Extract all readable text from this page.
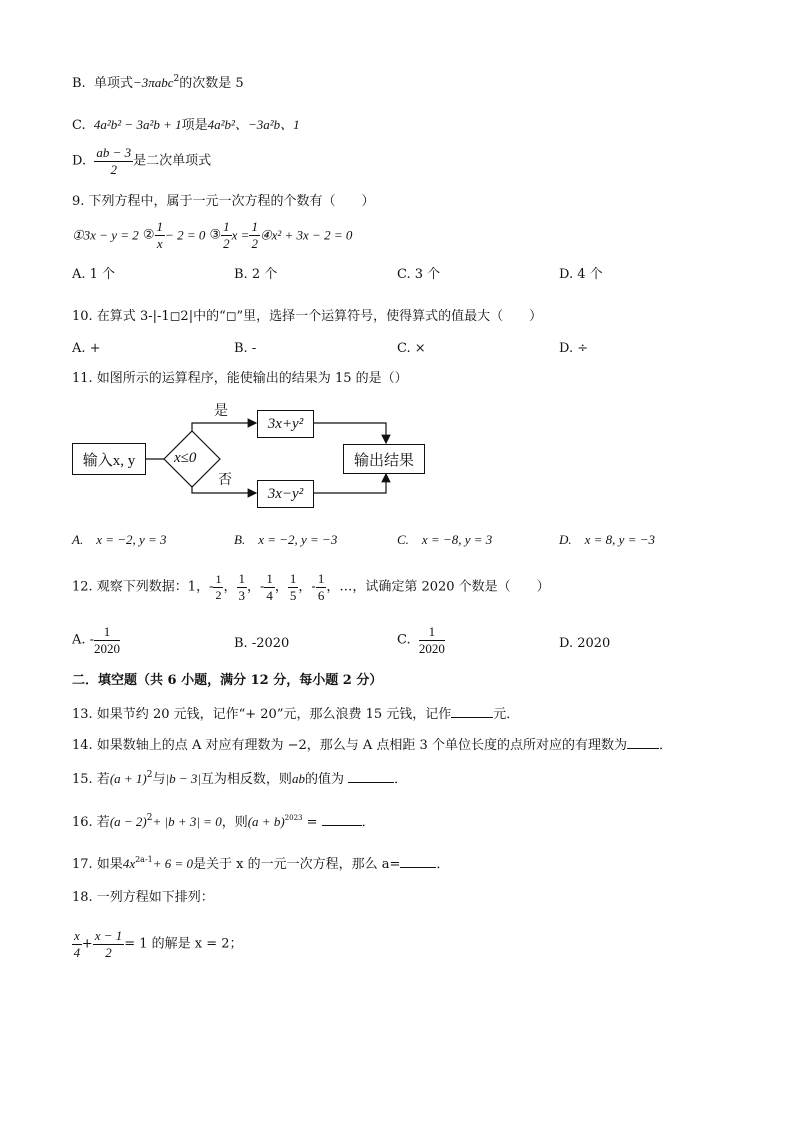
B. 单项式−3πabc$^2$的次数是 5
C. 4a²b² − 3a²b + 1项是4a²b²、−3a²b、1
D. $\frac{ab - 3}{2}$ 是二次单项式
9. 下列方程中，属于一元一次方程的个数有（　　）
①3x − y = 2 ② $\frac{1}{x} - 2 = 0$ ③ $\frac{1}{2}$ $x = \frac{1}{2}$ ④x² + 3x − 2 = 0
A. 1 个	B. 2 个	C. 3 个	D. 4 个
10. 在算式 3-|-1◻2|中的“◻”里，选择一个运算符号，使得算式的值最大（　　）
A. +	B. -	C. ×	D. ÷
11. 如图所示的运算程序，能使输出的结果为 15 的是（）
输入x, y	x≤0
是
否
3x+y²
3x−y²
输出结果
A.　x = −2, y = 3	B.　x = −2, y = −3	C.　x = −8, y = 3	D.　x = 8, y = −3
12. 观察下列数据：1，- $\frac{1}{2}$ ， $\frac{1}{3}$ ，- $\frac{1}{4}$ ， $\frac{1}{5}$ ，- $\frac{1}{6}$ ，…，试确定第 2020 个数是（　　）
A. - $\frac{1}{2020}$	B. -2020	C. $\frac{1}{2020}$	D. 2020
二．填空题（共 6 小题，满分 12 分，每小题 2 分）
13. 如果节约 20 元钱，记作“+ 20”元，那么浪费 15 元钱，记作	元．
14. 如果数轴上的点 A 对应有理数为 −2，那么与 A 点相距 3 个单位长度的点所对应的有理数为 ．
15. 若$(a + 1)^2$与|b − 3|互为相反数，则ab的值为	．
16. 若$(a - 2)^2+ |b + 3| = 0$，则$(a + b)^{2023}$ =	．
17. 如果$4x^{2a-1}+ 6 = 0$是关于 x 的一元一次方程，那么 a=	．
18. 一列方程如下排列：
$\frac{x}{4} + \frac{x - 1}{2} = 1$ 的解是 x = 2；
